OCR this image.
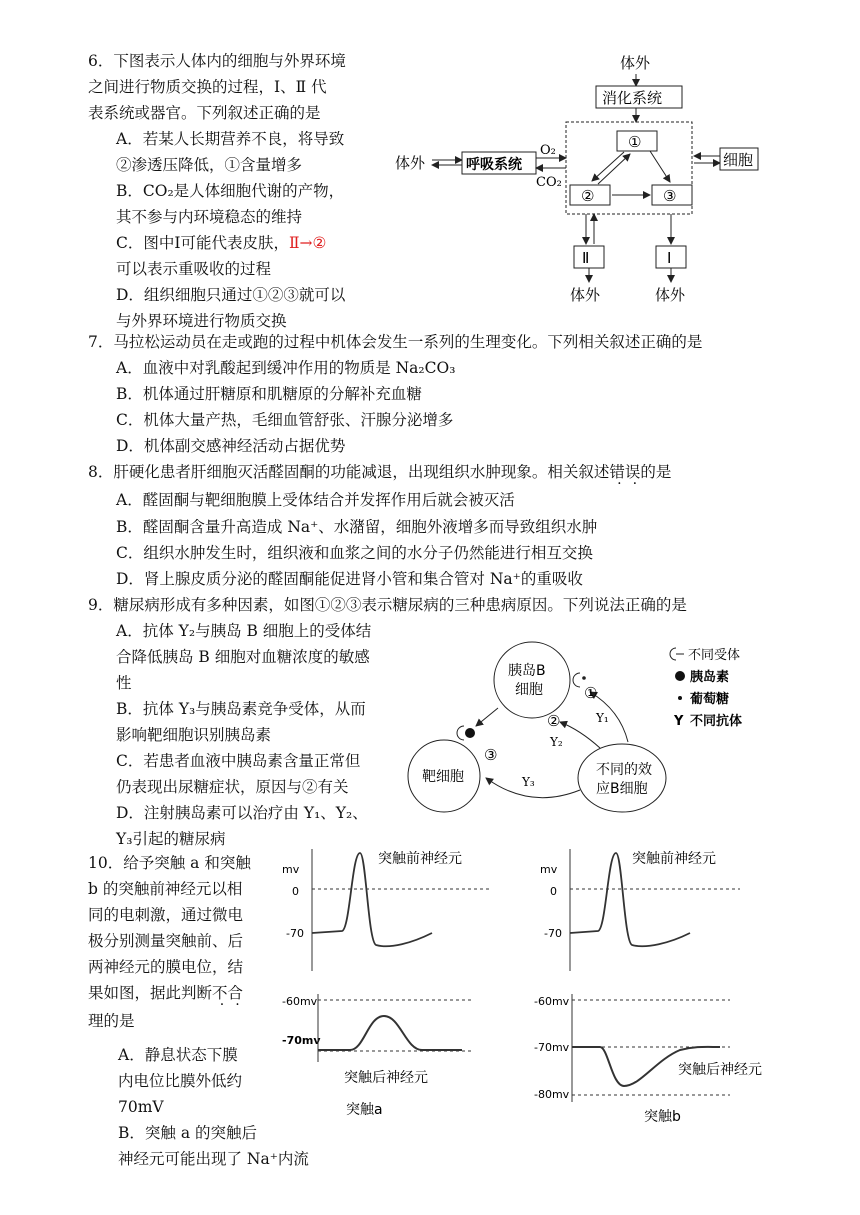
6．下图表示人体内的细胞与外界环境
之间进行物质交换的过程，Ⅰ、Ⅱ 代
表系统或器官。下列叙述正确的是
A．若某人长期营养不良，将导致
②渗透压降低，①含量增多
B．CO₂是人体细胞代谢的产物，
其不参与内环境稳态的维持
C．图中Ⅰ可能代表皮肤，Ⅱ→②
可以表示重吸收的过程
D．组织细胞只通过①②③就可以
与外界环境进行物质交换
体外
消化系统
体外	呼吸系统
O₂
CO₂
①
②	③
细胞
Ⅱ
体外
Ⅰ
体外
7．马拉松运动员在走或跑的过程中机体会发生一系列的生理变化。下列相关叙述正确的是
A．血液中对乳酸起到缓冲作用的物质是 Na₂CO₃
B．机体通过肝糖原和肌糖原的分解补充血糖
C．机体大量产热，毛细血管舒张、汗腺分泌增多
D．机体副交感神经活动占据优势
8．肝硬化患者肝细胞灭活醛固酮的功能减退，出现组织水肿现象。相关叙述错误的是
A．醛固酮与靶细胞膜上受体结合并发挥作用后就会被灭活
B．醛固酮含量升高造成 Na⁺、水潴留，细胞外液增多而导致组织水肿
C．组织水肿发生时，组织液和血浆之间的水分子仍然能进行相互交换
D．肾上腺皮质分泌的醛固酮能促进肾小管和集合管对 Na⁺的重吸收
9．糖尿病形成有多种因素，如图①②③表示糖尿病的三种患病原因。下列说法正确的是
A．抗体 Y₂与胰岛 B 细胞上的受体结
合降低胰岛 B 细胞对血糖浓度的敏感
性
B．抗体 Y₃与胰岛素竞争受体，从而
影响靶细胞识别胰岛素
C．若患者血液中胰岛素含量正常但
仍表现出尿糖症状，原因与②有关
D．注射胰岛素可以治疗由 Y₁、Y₂、
Y₃引起的糖尿病
胰岛B
细胞
靶细胞	不同的效
应B细胞
①
Y₁
②
Y₂
③
Y₃
不同受体
胰岛素
葡萄糖
Y 不同抗体
10．给予突触 a 和突触
b 的突触前神经元以相
同的电刺激，通过微电
极分别测量突触前、后
两神经元的膜电位，结
果如图，据此判断不合
理的是
A．静息状态下膜
内电位比膜外低约
70mV
B．突触 a 的突触后
神经元可能出现了 Na⁺内流
mv
0
-70
突触前神经元
mv
0
-70
突触前神经元
-60mv
-70mv
突触后神经元
突触a
-60mv
-70mv
-80mv
突触后神经元
突触b
